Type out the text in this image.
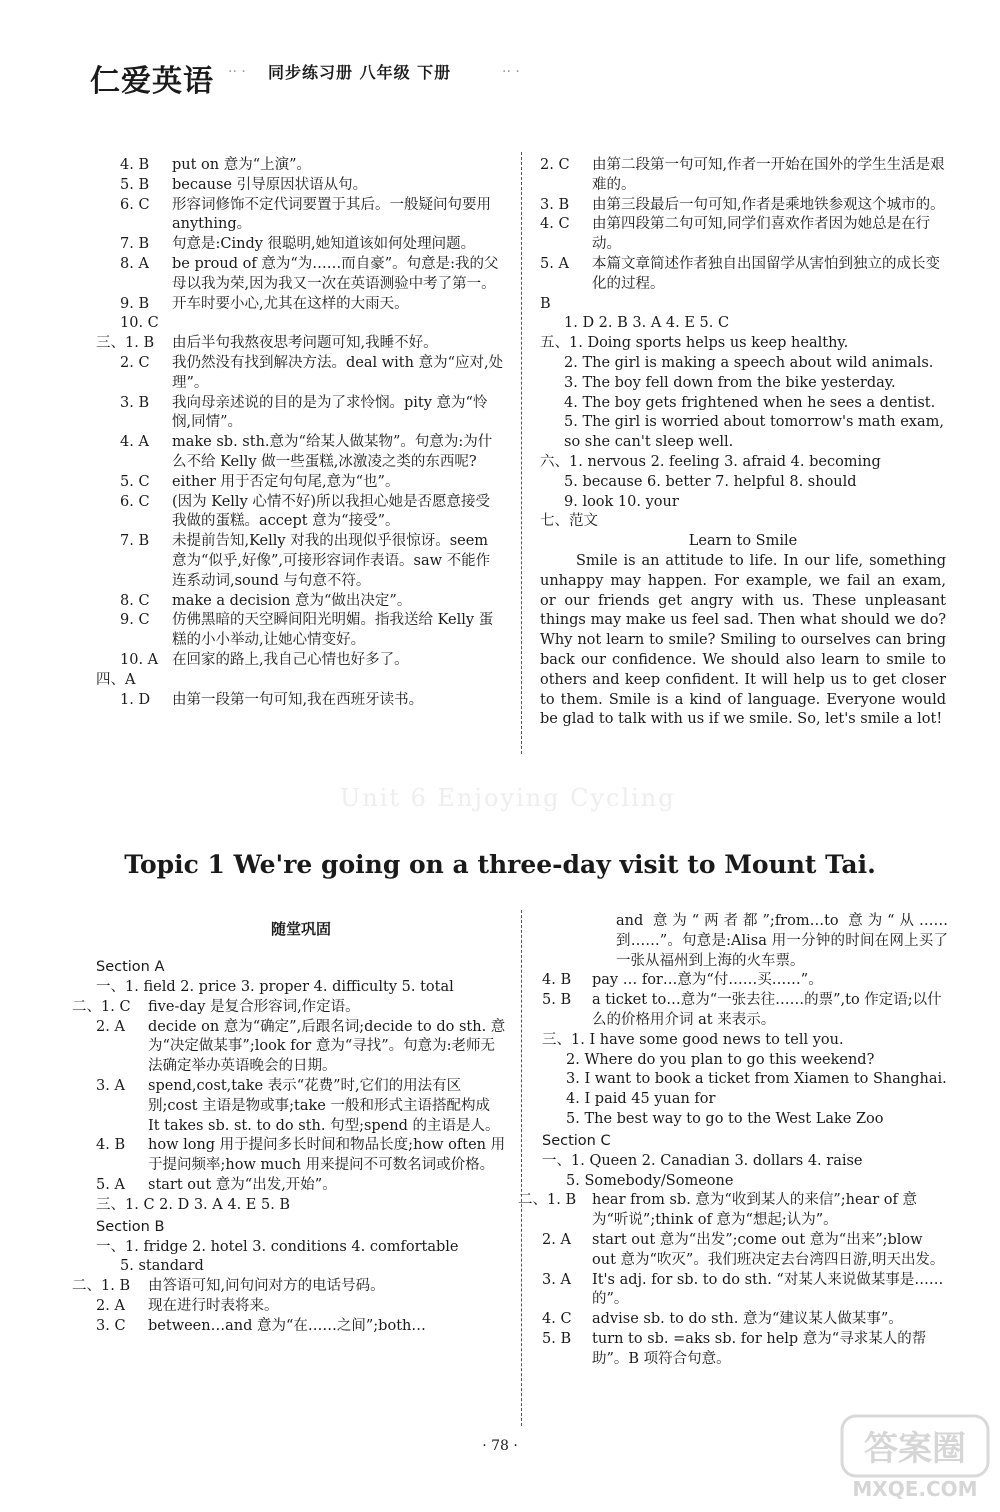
仁爱英语 ·· · 同步练习册 八年级 下册	·· ·
4. B	put on 意为“上演”。
5. B	because 引导原因状语从句。
6. C	形容词修饰不定代词要置于其后。一般疑问句要用 anything。
7. B	句意是:Cindy 很聪明,她知道该如何处理问题。
8. A	be proud of 意为“为……而自豪”。句意是:我的父母以我为荣,因为我又一次在英语测验中考了第一。
9. B	开车时要小心,尤其在这样的大雨天。
10. C
三、1. B	由后半句我熬夜思考问题可知,我睡不好。
2. C	我仍然没有找到解决方法。deal with 意为“应对,处理”。
3. B	我向母亲述说的目的是为了求怜悯。pity 意为“怜悯,同情”。
4. A	make sb. sth.意为“给某人做某物”。句意为:为什么不给 Kelly 做一些蛋糕,冰激凌之类的东西呢?
5. C	either 用于否定句句尾,意为“也”。
6. C	(因为 Kelly 心情不好)所以我担心她是否愿意接受我做的蛋糕。accept 意为“接受”。
7. B	未提前告知,Kelly 对我的出现似乎很惊讶。seem 意为“似乎,好像”,可接形容词作表语。saw 不能作连系动词,sound 与句意不符。
8. C	make a decision 意为“做出决定”。
9. C	仿佛黑暗的天空瞬间阳光明媚。指我送给 Kelly 蛋糕的小小举动,让她心情变好。
10. A 在回家的路上,我自己心情也好多了。
四、A
1. D	由第一段第一句可知,我在西班牙读书。
2. C	由第二段第一句可知,作者一开始在国外的学生生活是艰难的。
3. B	由第三段最后一句可知,作者是乘地铁参观这个城市的。
4. C	由第四段第二句可知,同学们喜欢作者因为她总是在行动。
5. A	本篇文章简述作者独自出国留学从害怕到独立的成长变化的过程。
B
1. D 2. B 3. A 4. E 5. C
五、1. Doing sports helps us keep healthy.
2. The girl is making a speech about wild animals.
3. The boy fell down from the bike yesterday.
4. The boy gets frightened when he sees a dentist.
5. The girl is worried about tomorrow's math exam,
so she can't sleep well.
六、1. nervous 2. feeling 3. afraid 4. becoming
5. because 6. better 7. helpful 8. should
9. look 10. your
七、范文
Learn to Smile
Smile is an attitude to life. In our life, something unhappy may happen. For example, we fail an exam, or our friends get angry with us. These unpleasant things may make us feel sad. Then what should we do? Why not learn to smile? Smiling to ourselves can bring back our confidence. We should also learn to smile to others and keep confident. It will help us to get closer to them. Smile is a kind of language. Everyone would be glad to talk with us if we smile. So, let's smile a lot!
Unit 6 Enjoying Cycling
Topic 1 We're going on a three-day visit to Mount Tai.
随堂巩固
Section A
一、1. field 2. price 3. proper 4. difficulty 5. total
二、1. C	five-day 是复合形容词,作定语。
2. A	decide on 意为“确定”,后跟名词;decide to do sth. 意为“决定做某事”;look for 意为“寻找”。句意为:老师无法确定举办英语晚会的日期。
3. A	spend,cost,take 表示“花费”时,它们的用法有区别;cost 主语是物或事;take 一般和形式主语搭配构成 It takes sb. st. to do sth. 句型;spend 的主语是人。
4. B	how long 用于提问多长时间和物品长度;how often 用于提问频率;how much 用来提问不可数名词或价格。
5. A	start out 意为“出发,开始”。
三、1. C 2. D 3. A 4. E 5. B
Section B
一、1. fridge 2. hotel 3. conditions 4. comfortable
5. standard
二、1. B	由答语可知,问句问对方的电话号码。
2. A	现在进行时表将来。
3. C	between…and 意为“在……之间”;both…
and 意为“两者都”;from…to 意为“从……到……”。句意是:Alisa 用一分钟的时间在网上买了一张从福州到上海的火车票。
4. B	pay … for…意为“付……买……”。
5. B	a ticket to…意为“一张去往……的票”,to 作定语;以什么的价格用介词 at 来表示。
三、1. I have some good news to tell you.
2. Where do you plan to go this weekend?
3. I want to book a ticket from Xiamen to Shanghai.
4. I paid 45 yuan for
5. The best way to go to the West Lake Zoo
Section C
一、1. Queen 2. Canadian 3. dollars 4. raise
5. Somebody/Someone
二、1. B	hear from sb. 意为“收到某人的来信”;hear of 意为“听说”;think of 意为“想起;认为”。
2. A	start out 意为“出发”;come out 意为“出来”;blow out 意为“吹灭”。我们班决定去台湾四日游,明天出发。
3. A	It's adj. for sb. to do sth. “对某人来说做某事是……的”。
4. C	advise sb. to do sth. 意为“建议某人做某事”。
5. B	turn to sb. =aks sb. for help 意为“寻求某人的帮助”。B 项符合句意。
· 78 ·	答案圈
MXQE.COM
